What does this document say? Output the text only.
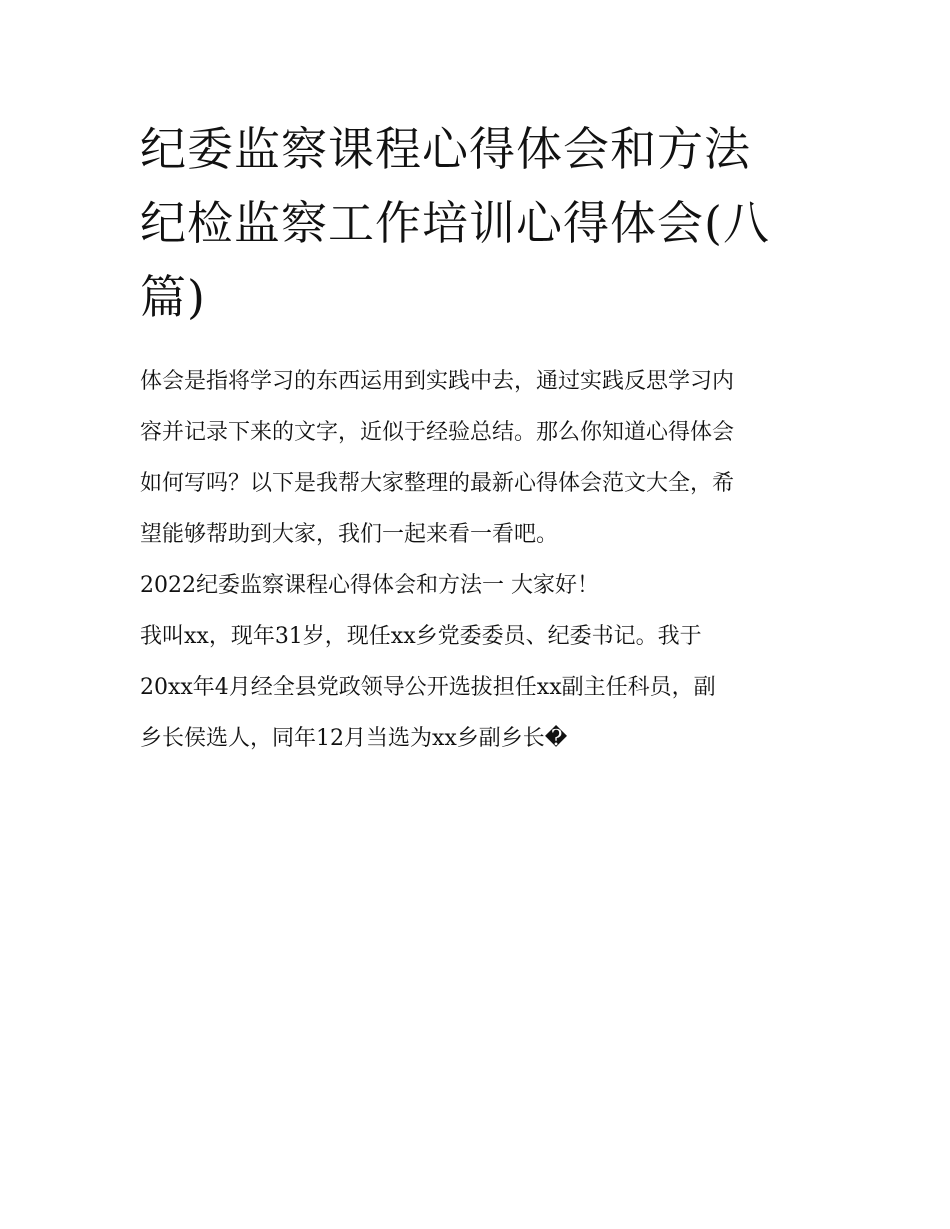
纪委监察课程心得体会和方法
纪检监察工作培训心得体会(八
篇)
体会是指将学习的东西运用到实践中去，通过实践反思学习内
容并记录下来的文字，近似于经验总结。那么你知道心得体会
如何写吗？以下是我帮大家整理的最新心得体会范文大全，希
望能够帮助到大家，我们一起来看一看吧。
2022纪委监察课程心得体会和方法一 大家好！
我叫xx，现年31岁，现任xx乡党委委员、纪委书记。我于
20xx年4月经全县党政领导公开选拔担任xx副主任科员，副
乡长侯选人，同年12月当选为xx乡副乡长�
